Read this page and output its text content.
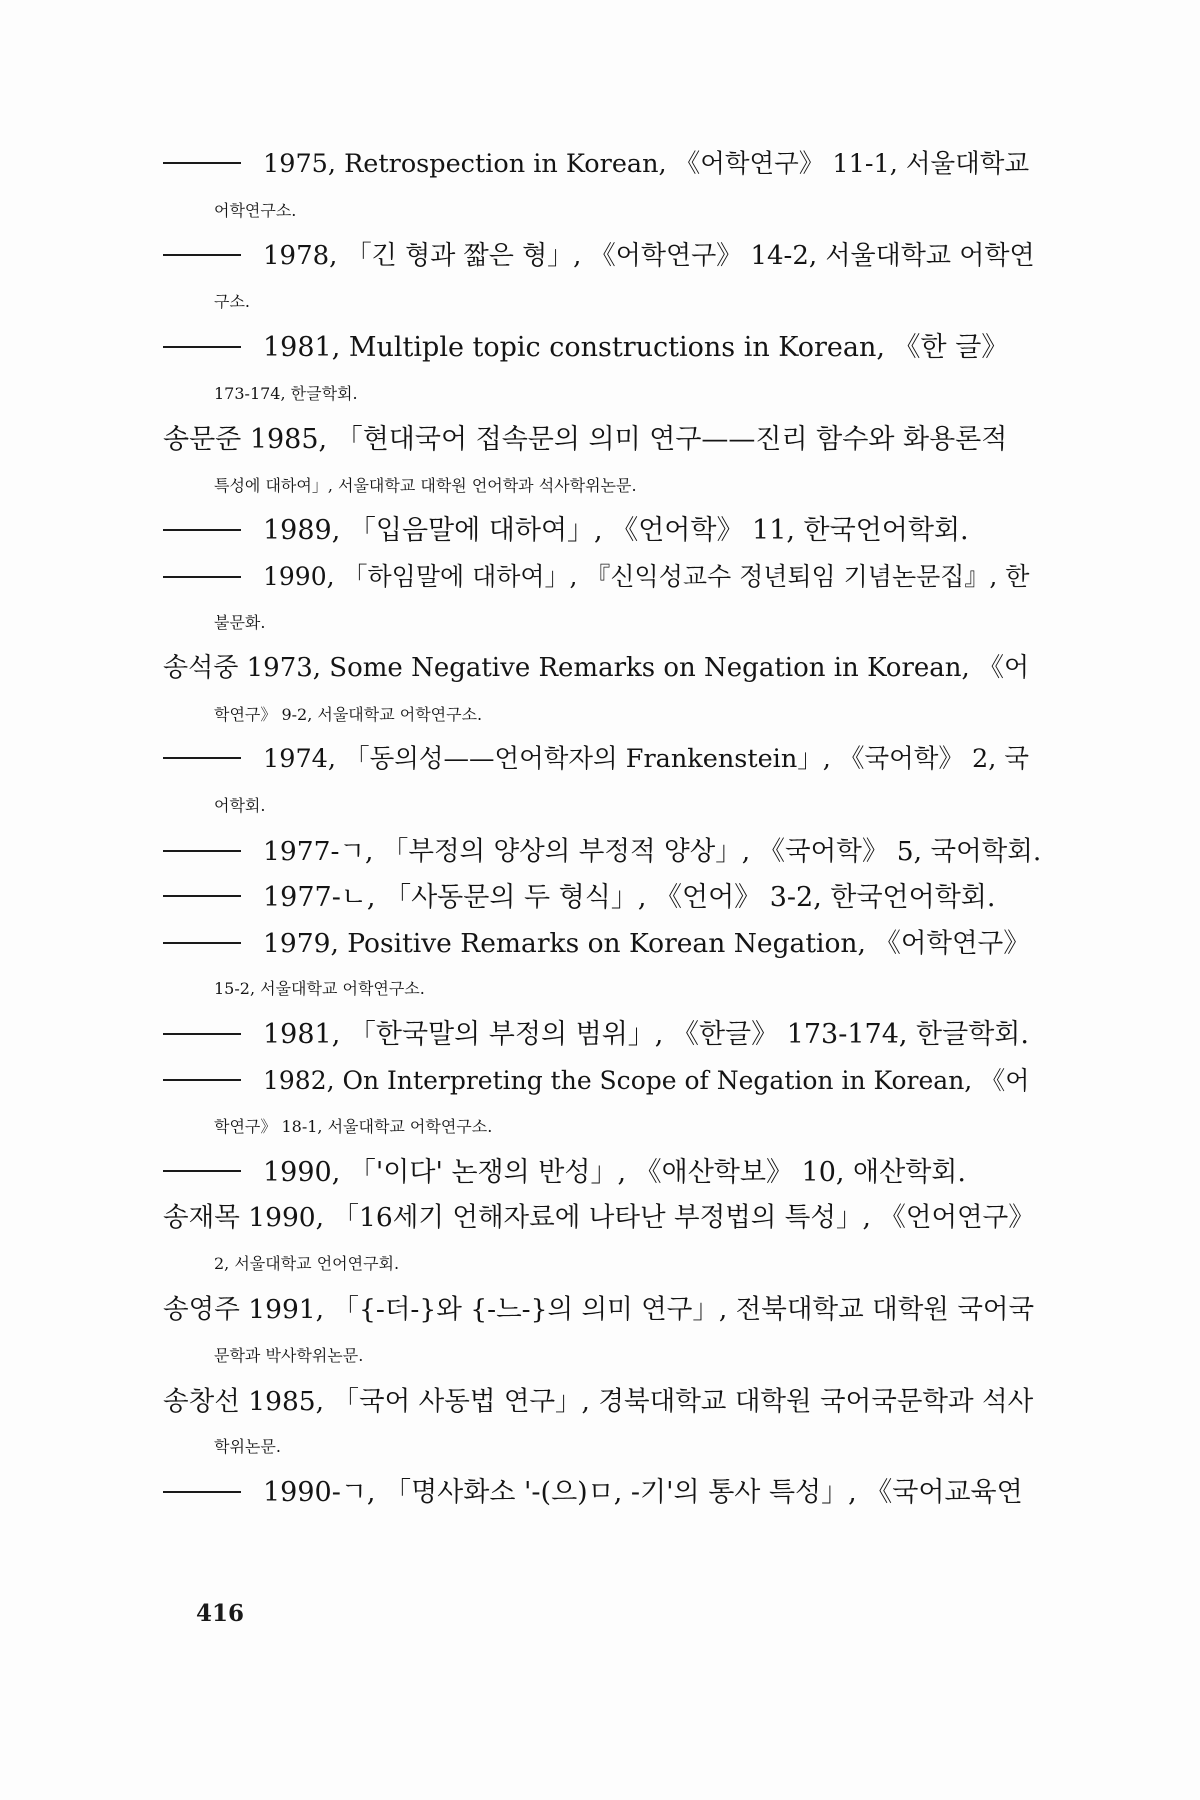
1975, Retrospection in Korean, 《어학연구》 11-1, 서울대학교
어학연구소.
1978, 「긴 형과 짧은 형」, 《어학연구》 14-2, 서울대학교 어학연
구소.
1981, Multiple topic constructions in Korean, 《한 글》
173-174, 한글학회.
송문준 1985, 「현대국어 접속문의 의미 연구——진리 함수와 화용론적
특성에 대하여」, 서울대학교 대학원 언어학과 석사학위논문.
1989, 「입음말에 대하여」, 《언어학》 11, 한국언어학회.
1990, 「하임말에 대하여」, 『신익성교수 정년퇴임 기념논문집』, 한
불문화.
송석중 1973, Some Negative Remarks on Negation in Korean, 《어
학연구》 9-2, 서울대학교 어학연구소.
1974, 「동의성——언어학자의 Frankenstein」, 《국어학》 2, 국
어학회.
1977-ㄱ, 「부정의 양상의 부정적 양상」, 《국어학》 5, 국어학회.
1977-ㄴ, 「사동문의 두 형식」, 《언어》 3-2, 한국언어학회.
1979, Positive Remarks on Korean Negation, 《어학연구》
15-2, 서울대학교 어학연구소.
1981, 「한국말의 부정의 범위」, 《한글》 173-174, 한글학회.
1982, On Interpreting the Scope of Negation in Korean, 《어
학연구》 18-1, 서울대학교 어학연구소.
1990, 「'이다' 논쟁의 반성」, 《애산학보》 10, 애산학회.
송재목 1990, 「16세기 언해자료에 나타난 부정법의 특성」, 《언어연구》
2, 서울대학교 언어연구회.
송영주 1991, 「{-더-}와 {-느-}의 의미 연구」, 전북대학교 대학원 국어국
문학과 박사학위논문.
송창선 1985, 「국어 사동법 연구」, 경북대학교 대학원 국어국문학과 석사
학위논문.
1990-ㄱ, 「명사화소 '-(으)ㅁ, -기'의 통사 특성」, 《국어교육연
416
